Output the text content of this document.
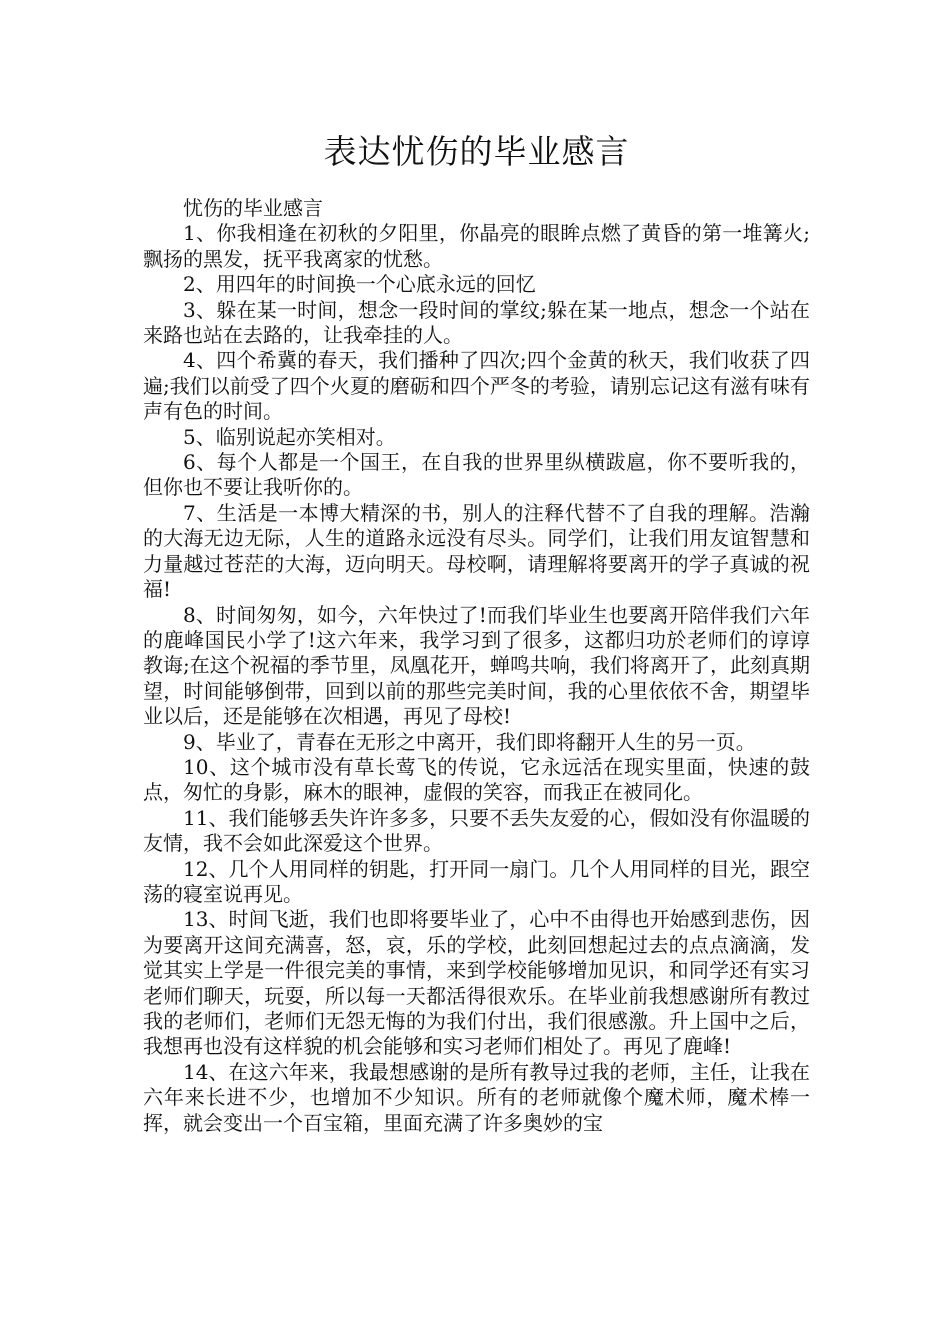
表达忧伤的毕业感言

忧伤的毕业感言

1、你我相逢在初秋的夕阳里，你晶亮的眼眸点燃了黄昏的第一堆篝火;飘扬的黑发，抚平我离家的忧愁。

2、用四年的时间换一个心底永远的回忆

3、躲在某一时间，想念一段时间的掌纹;躲在某一地点，想念一个站在来路也站在去路的，让我牵挂的人。

4、四个希冀的春天，我们播种了四次;四个金黄的秋天，我们收获了四遍;我们以前受了四个火夏的磨砺和四个严冬的考验，请别忘记这有滋有味有声有色的时间。

5、临别说起亦笑相对。

6、每个人都是一个国王，在自我的世界里纵横跋扈，你不要听我的，但你也不要让我听你的。

7、生活是一本博大精深的书，别人的注释代替不了自我的理解。浩瀚的大海无边无际，人生的道路永远没有尽头。同学们，让我们用友谊智慧和力量越过苍茫的大海，迈向明天。母校啊，请理解将要离开的学子真诚的祝福!

8、时间匆匆，如今，六年快过了!而我们毕业生也要离开陪伴我们六年的鹿峰国民小学了!这六年来，我学习到了很多，这都归功於老师们的谆谆教诲;在这个祝福的季节里，凤凰花开，蝉鸣共响，我们将离开了，此刻真期望，时间能够倒带，回到以前的那些完美时间，我的心里依依不舍，期望毕业以后，还是能够在次相遇，再见了母校!

9、毕业了，青春在无形之中离开，我们即将翻开人生的另一页。

10、这个城市没有草长莺飞的传说，它永远活在现实里面，快速的鼓点，匆忙的身影，麻木的眼神，虚假的笑容，而我正在被同化。

11、我们能够丢失许许多多，只要不丢失友爱的心，假如没有你温暖的友情，我不会如此深爱这个世界。

12、几个人用同样的钥匙，打开同一扇门。几个人用同样的目光，跟空荡的寝室说再见。

13、时间飞逝，我们也即将要毕业了，心中不由得也开始感到悲伤，因为要离开这间充满喜，怒，哀，乐的学校，此刻回想起过去的点点滴滴，发觉其实上学是一件很完美的事情，来到学校能够增加见识，和同学还有实习老师们聊天，玩耍，所以每一天都活得很欢乐。在毕业前我想感谢所有教过我的老师们，老师们无怨无悔的为我们付出，我们很感激。升上国中之后，我想再也没有这样貌的机会能够和实习老师们相处了。再见了鹿峰!

14、在这六年来，我最想感谢的是所有教导过我的老师，主任，让我在六年来长进不少，也增加不少知识。所有的老师就像个魔术师，魔术棒一挥，就会变出一个百宝箱，里面充满了许多奥妙的宝
